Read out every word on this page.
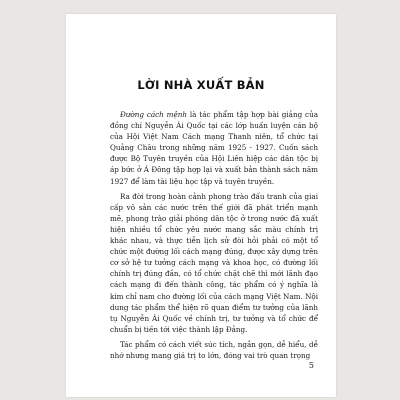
LỜI NHÀ XUẤT BẢN

Đường cách mệnh là tác phẩm tập hợp bài giảng của đồng chí Nguyễn Ái Quốc tại các lớp huấn luyện cán bộ của Hội Việt Nam Cách mạng Thanh niên, tổ chức tại Quảng Châu trong những năm 1925 - 1927. Cuốn sách được Bộ Tuyên truyền của Hội Liên hiệp các dân tộc bị áp bức ở Á Đông tập hợp lại và xuất bản thành sách năm 1927 để làm tài liệu học tập và tuyên truyền.

Ra đời trong hoàn cảnh phong trào đấu tranh của giai cấp vô sản các nước trên thế giới đã phát triển mạnh mẽ, phong trào giải phóng dân tộc ở trong nước đã xuất hiện nhiều tổ chức yêu nước mang sắc màu chính trị khác nhau, và thực tiễn lịch sử đòi hỏi phải có một tổ chức một đường lối cách mạng đúng, được xây dựng trên cơ sở hệ tư tưởng cách mạng và khoa học, có đường lối chính trị đúng đắn, có tổ chức chặt chẽ thì mới lãnh đạo cách mạng đi đến thành công, tác phẩm có ý nghĩa là kim chỉ nam cho đường lối của cách mạng Việt Nam. Nội dung tác phẩm thể hiện rõ quan điểm tư tưởng của lãnh tụ Nguyễn Ái Quốc về chính trị, tư tưởng và tổ chức để chuẩn bị tiền tới việc thành lập Đảng.

Tác phẩm có cách viết súc tích, ngắn gọn, dễ hiểu, dễ nhớ nhưng mang giá trị to lớn, đóng vai trò quan trọng

5
